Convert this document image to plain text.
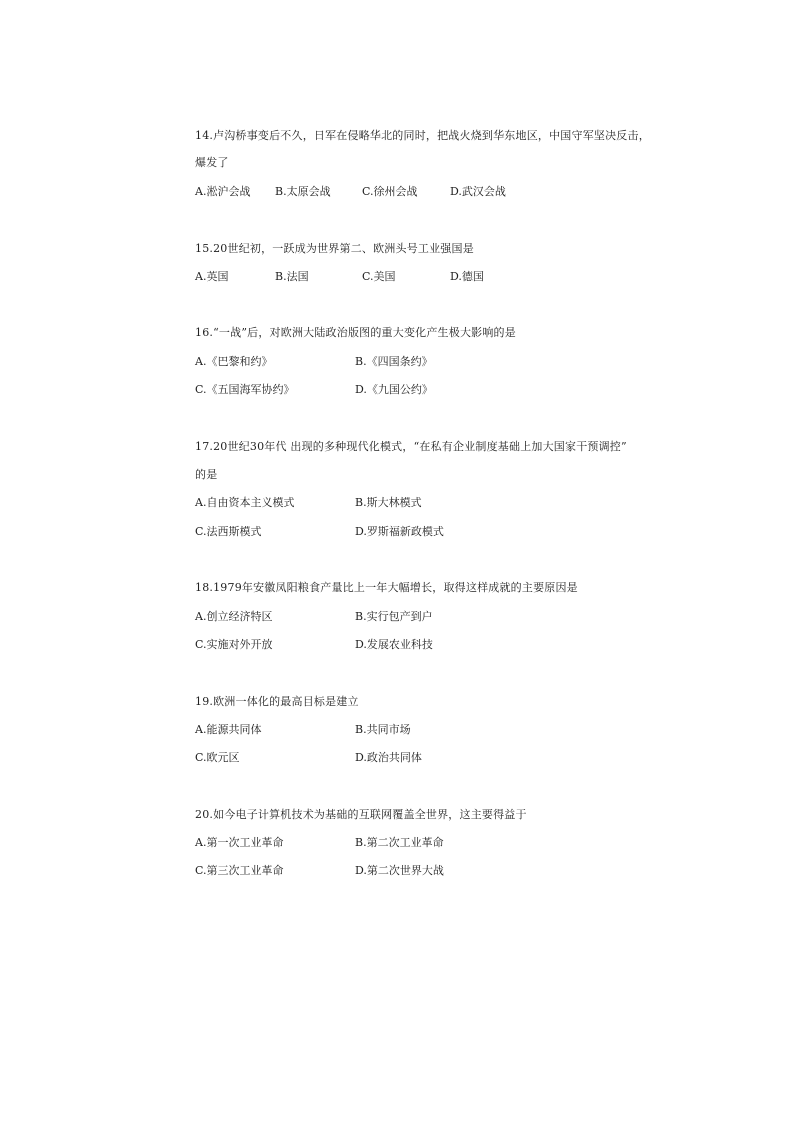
14.卢沟桥事变后不久，日军在侵略华北的同时，把战火烧到华东地区，中国守军坚决反击，
爆发了
A.淞沪会战 B.太原会战	C.徐州会战	D.武汉会战
15.20世纪初，一跃成为世界第二、欧洲头号工业强国是
A.英国	B.法国	C.美国	D.德国
16.“一战”后，对欧洲大陆政治版图的重大变化产生极大影响的是
A.《巴黎和约》	B.《四国条约》
C.《五国海军协约》	D.《九国公约》
17.20世纪30年代 出现的多种现代化模式，“在私有企业制度基础上加大国家干预调控”
的是
A.自由资本主义模式	B.斯大林模式
C.法西斯模式	D.罗斯福新政模式
18.1979年安徽凤阳粮食产量比上一年大幅增长，取得这样成就的主要原因是
A.创立经济特区	B.实行包产到户
C.实施对外开放	D.发展农业科技
19.欧洲一体化的最高目标是建立
A.能源共同体	B.共同市场
C.欧元区	D.政治共同体
20.如今电子计算机技术为基础的互联网覆盖全世界，这主要得益于
A.第一次工业革命	B.第二次工业革命
C.第三次工业革命	D.第二次世界大战
